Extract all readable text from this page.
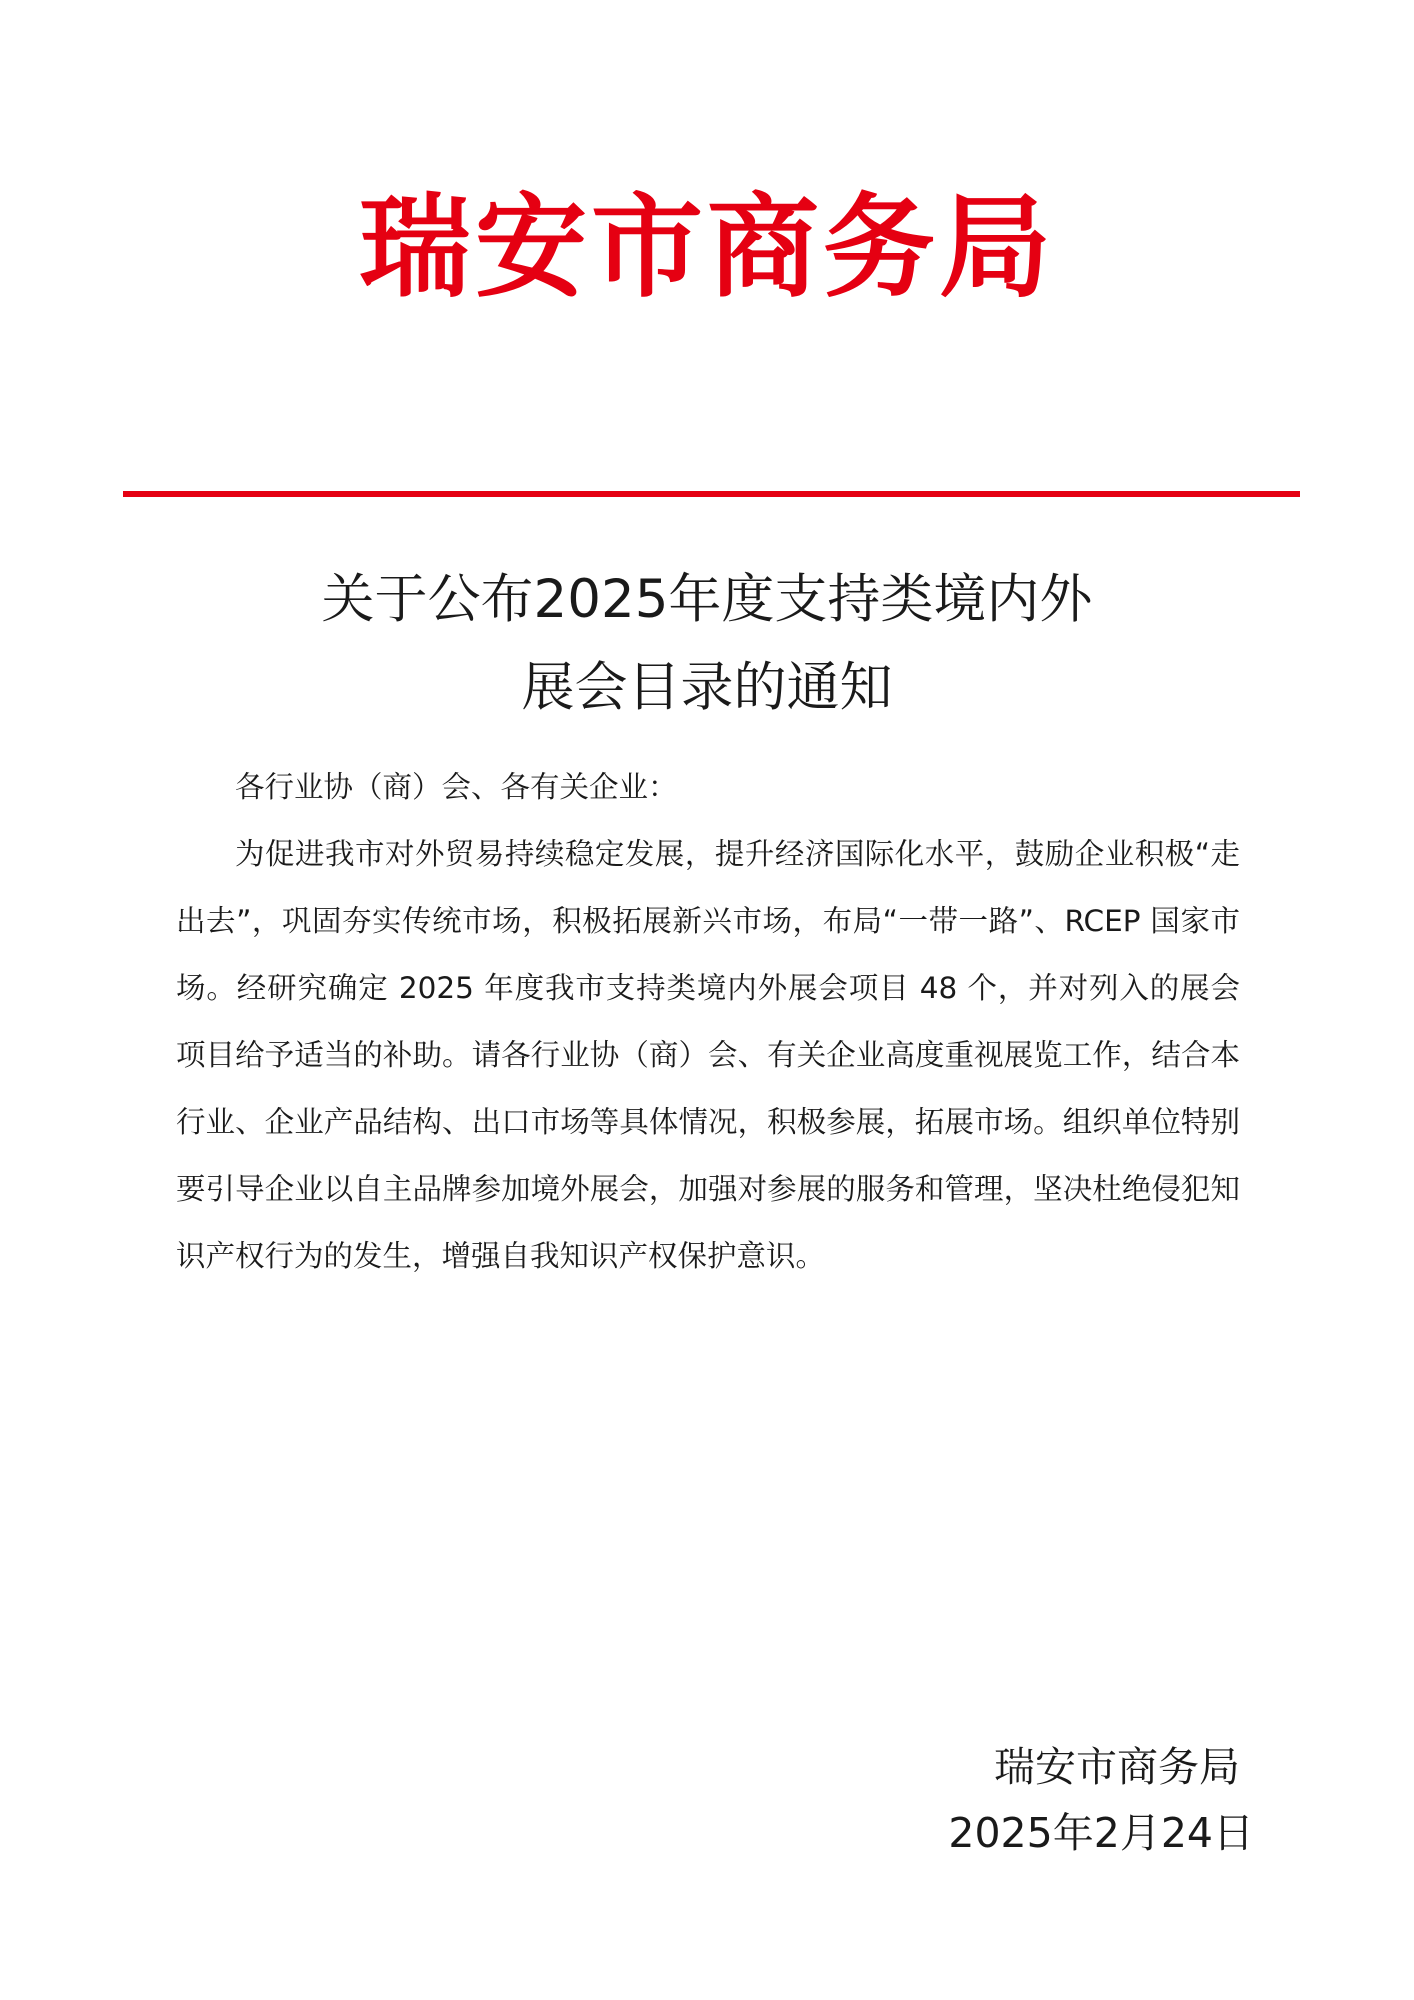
瑞安市商务局
关于公布2025年度支持类境内外
展会目录的通知

各行业协（商）会、各有关企业：

为促进我市对外贸易持续稳定发展，提升经济国际化水平，鼓励企业积极“走出去”，巩固夯实传统市场，积极拓展新兴市场，布局“一带一路”、RCEP 国家市场。经研究确定 2025 年度我市支持类境内外展会项目 48 个，并对列入的展会项目给予适当的补助。请各行业协（商）会、有关企业高度重视展览工作，结合本行业、企业产品结构、出口市场等具体情况，积极参展，拓展市场。组织单位特别要引导企业以自主品牌参加境外展会，加强对参展的服务和管理，坚决杜绝侵犯知识产权行为的发生，增强自我知识产权保护意识。

瑞安市商务局
2025年2月24日
